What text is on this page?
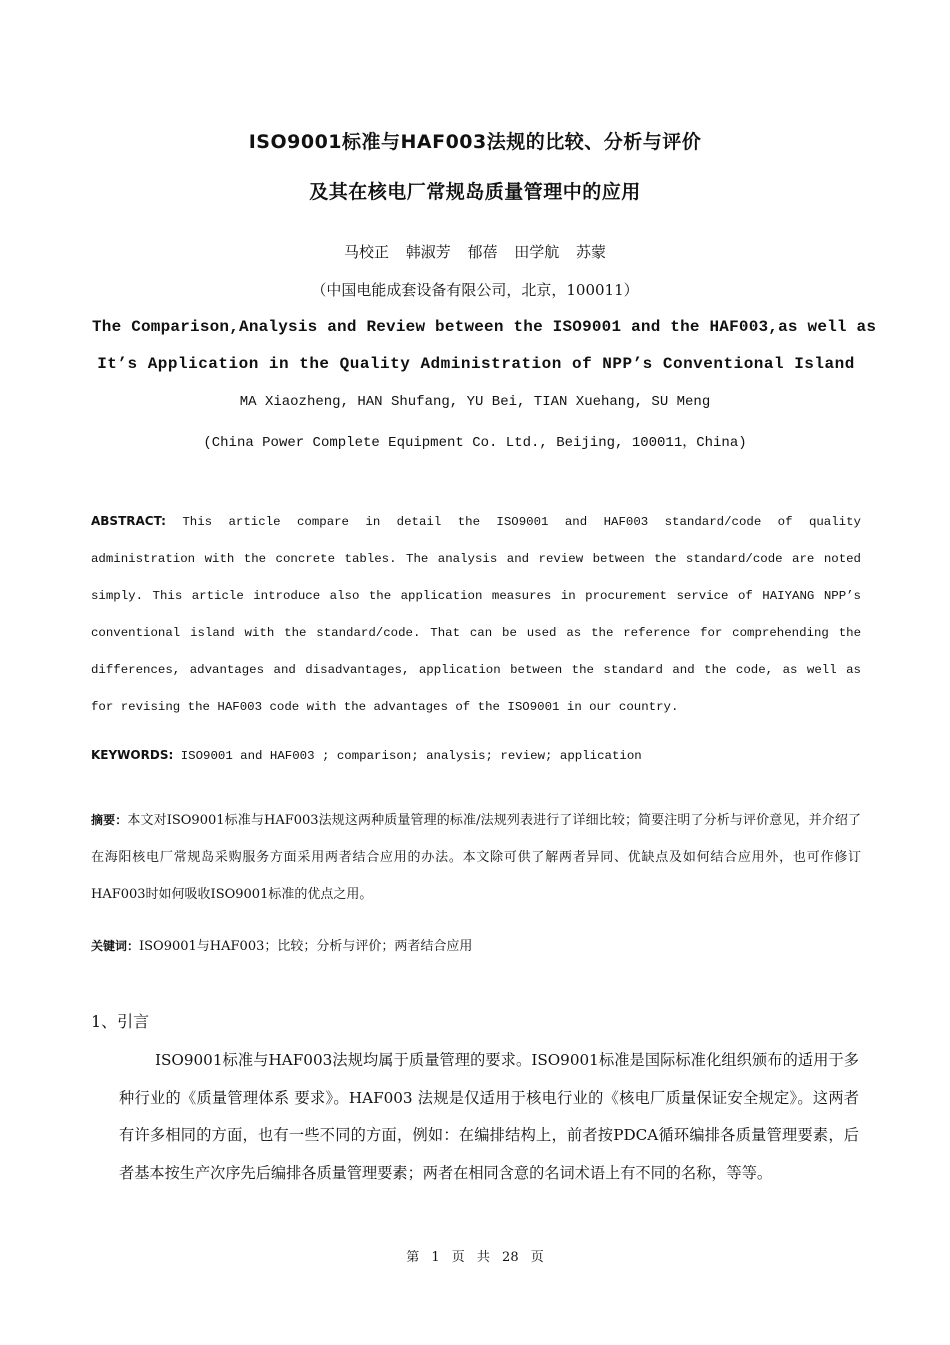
ISO9001标准与HAF003法规的比较、分析与评价
及其在核电厂常规岛质量管理中的应用
马校正 韩淑芳 郁蓓 田学航 苏蒙
（中国电能成套设备有限公司，北京，100011）
The Comparison,Analysis and Review between the ISO9001 and the HAF003,as well as
It’s Application in the Quality Administration of NPP’s Conventional Island
MA Xiaozheng, HAN Shufang, YU Bei, TIAN Xuehang, SU Meng
(China Power Complete Equipment Co. Ltd., Beijing, 100011，China)
ABSTRACT: This article compare in detail the ISO9001 and HAF003 standard/code of quality administration with the concrete tables. The analysis and review between the standard/code are noted simply. This article introduce also the application measures in procurement service of HAIYANG NPP’s conventional island with the standard/code. That can be used as the reference for comprehending the differences, advantages and disadvantages, application between the standard and the code, as well as for revising the HAF003 code with the advantages of the ISO9001 in our country.
KEYWORDS: ISO9001 and HAF003 ; comparison; analysis; review; application
摘要：本文对ISO9001标准与HAF003法规这两种质量管理的标准/法规列表进行了详细比较；简要注明了分析与评价意见，并介绍了在海阳核电厂常规岛采购服务方面采用两者结合应用的办法。本文除可供了解两者异同、优缺点及如何结合应用外，也可作修订HAF003时如何吸收ISO9001标准的优点之用。
关键词：ISO9001与HAF003；比较；分析与评价；两者结合应用
1、引言
ISO9001标准与HAF003法规均属于质量管理的要求。ISO9001标准是国际标准化组织颁布的适用于多种行业的《质量管理体系 要求》。HAF003 法规是仅适用于核电行业的《核电厂质量保证安全规定》。这两者有许多相同的方面，也有一些不同的方面，例如：在编排结构上，前者按PDCA循环编排各质量管理要素，后者基本按生产次序先后编排各质量管理要素；两者在相同含意的名词术语上有不同的名称，等等。
第 1 页 共 28 页
